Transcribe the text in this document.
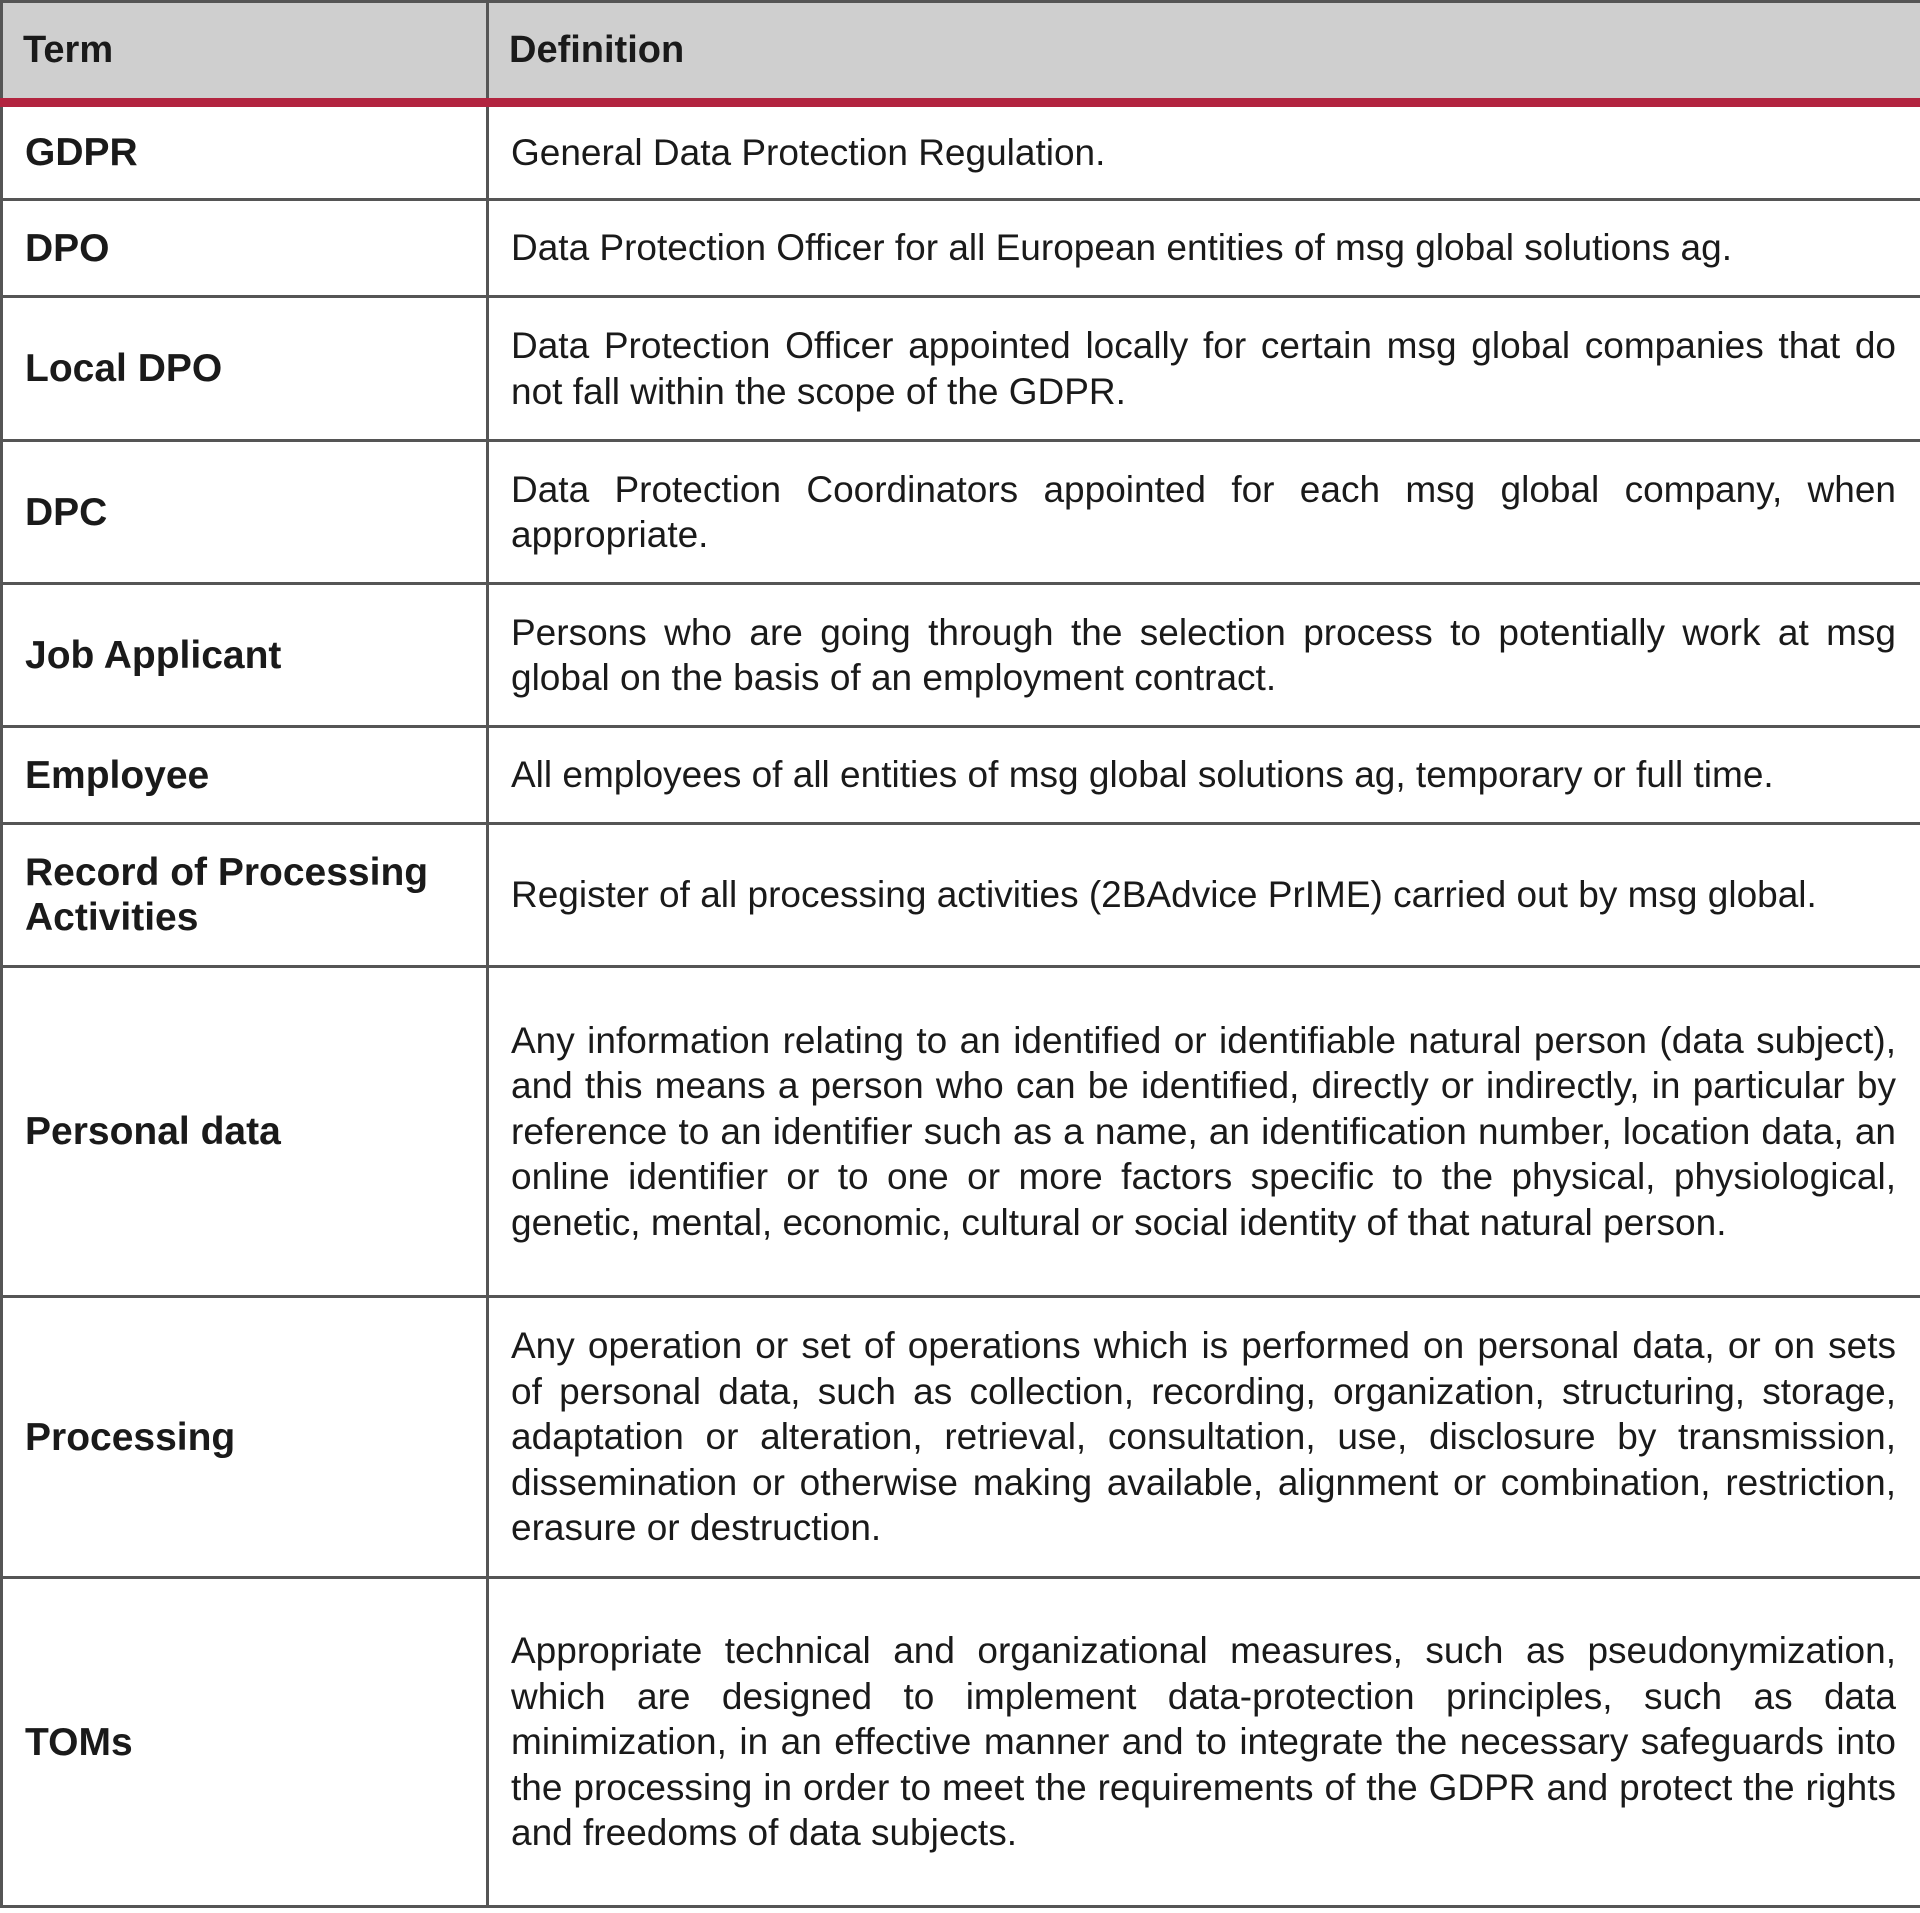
Term	Definition
GDPR	General Data Protection Regulation.
DPO	Data Protection Officer for all European entities of msg global solutions ag.
Local DPO	Data Protection Officer appointed locally for certain msg global companies that do not fall within the scope of the GDPR.
DPC	Data Protection Coordinators appointed for each msg global company, when appropriate.
Job Applicant	Persons who are going through the selection process to potentially work at msg global on the basis of an employment contract.
Employee	All employees of all entities of msg global solutions ag, temporary or full time.
Record of Processing Activities	Register of all processing activities (2BAdvice PrIME) carried out by msg global.
Personal data	Any information relating to an identified or identifiable natural person (data subject), and this means a person who can be identified, directly or indirectly, in particular by reference to an identifier such as a name, an identification number, location data, an online identifier or to one or more factors specific to the physical, physiological, genetic, mental, economic, cultural or social identity of that natural person.
Processing	Any operation or set of operations which is performed on personal data, or on sets of personal data, such as collection, recording, organization, structuring, storage, adaptation or alteration, retrieval, consultation, use, disclosure by transmission, dissemination or otherwise making available, alignment or combination, restriction, erasure or destruction.
TOMs	Appropriate technical and organizational measures, such as pseudonymization, which are designed to implement data-protection principles, such as data minimization, in an effective manner and to integrate the necessary safeguards into the processing in order to meet the requirements of the GDPR and protect the rights and freedoms of data subjects.
